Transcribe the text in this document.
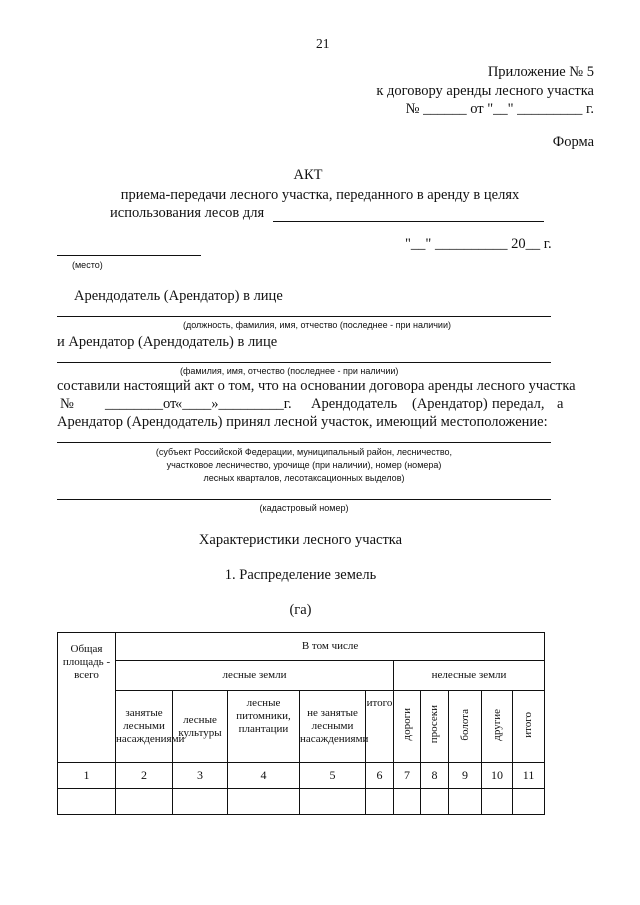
21
Приложение № 5
к договору аренды лесного участка
№ ______ от "__" _________ г.
Форма
АКТ
приема-передачи лесного участка, переданного в аренду в целях
использования лесов для
"__" __________ 20__ г.
(место)
Арендодатель (Арендатор) в лице
(должность, фамилия, имя, отчество (последнее - при наличии)
и Арендатор (Арендодатель) в лице
(фамилия, имя, отчество (последнее - при наличии)
составили настоящий акт о том, что на основании договора аренды лесного участка
№ ________от
«____»_________г. Арендодатель (Арендатор) передал, а
Арендатор (Арендодатель) принял лесной участок, имеющий местоположение:
(субъект Российской Федерации, муниципальный район, лесничество,
участковое лесничество, урочище (при наличии), номер (номера)
лесных кварталов, лесотаксационных выделов)
(кадастровый номер)
Характеристики лесного участка
1. Распределение земель
(га)
Общая площадь - всего	В том числе									
	лесные земли					нелесные земли				
	занятые лесными насаждениями	лесные культуры	лесные питомники, плантации	не занятые лесными насаждениями	итого	дороги	просеки	болота	другие	итого
1	2	3	4	5	6	7	8	9	10	11
